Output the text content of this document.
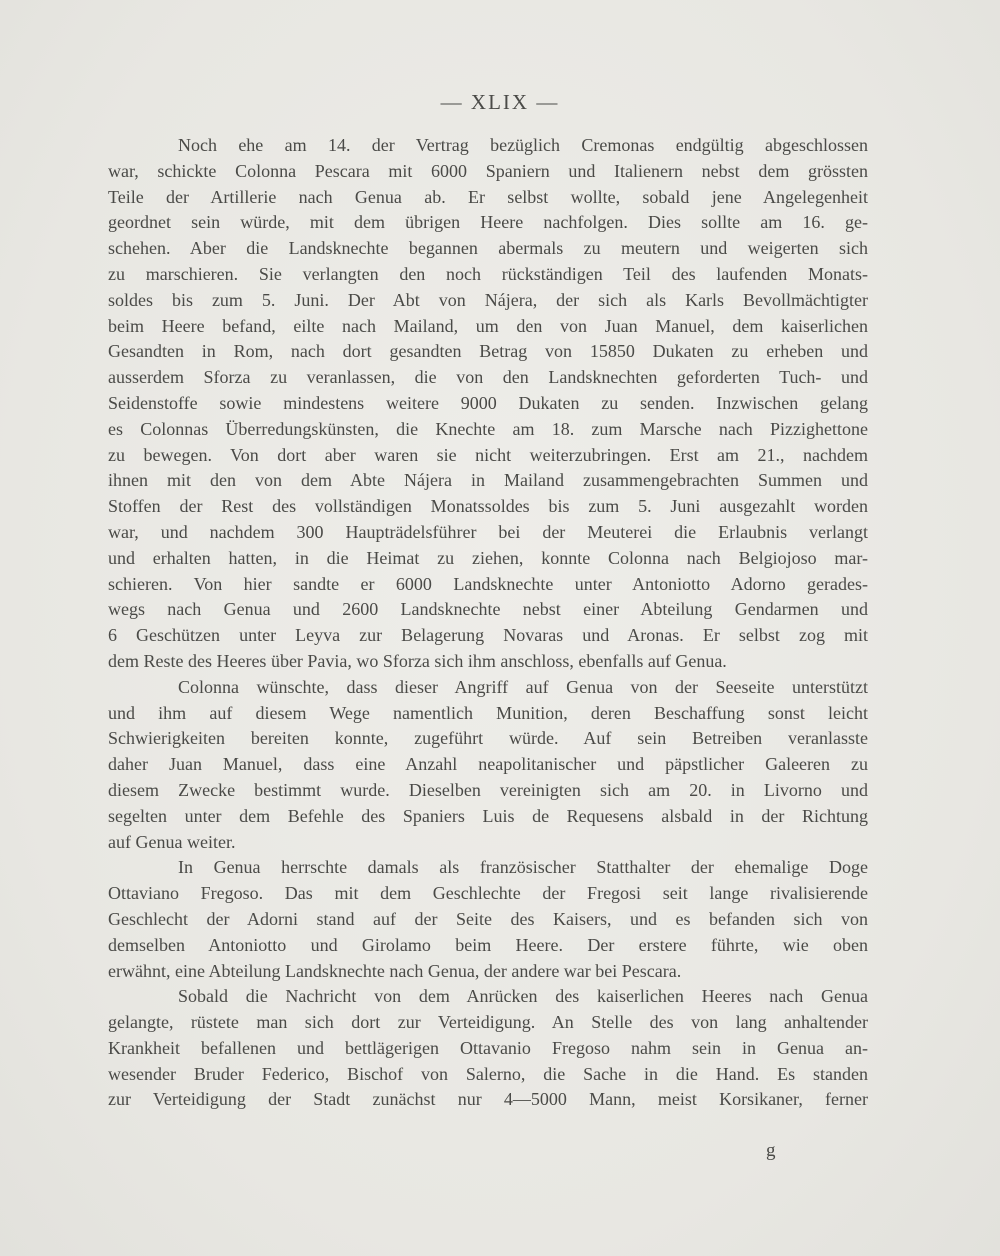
— XLIX —
Noch ehe am 14. der Vertrag bezüglich Cremonas endgültig abgeschlossen
war, schickte Colonna Pescara mit 6000 Spaniern und Italienern nebst dem grössten
Teile der Artillerie nach Genua ab. Er selbst wollte, sobald jene Angelegenheit
geordnet sein würde, mit dem übrigen Heere nachfolgen. Dies sollte am 16. ge-
schehen. Aber die Landsknechte begannen abermals zu meutern und weigerten sich
zu marschieren. Sie verlangten den noch rückständigen Teil des laufenden Monats-
soldes bis zum 5. Juni. Der Abt von Nájera, der sich als Karls Bevollmächtigter
beim Heere befand, eilte nach Mailand, um den von Juan Manuel, dem kaiserlichen
Gesandten in Rom, nach dort gesandten Betrag von 15850 Dukaten zu erheben und
ausserdem Sforza zu veranlassen, die von den Landsknechten geforderten Tuch- und
Seidenstoffe sowie mindestens weitere 9000 Dukaten zu senden. Inzwischen gelang
es Colonnas Überredungskünsten, die Knechte am 18. zum Marsche nach Pizzighettone
zu bewegen. Von dort aber waren sie nicht weiterzubringen. Erst am 21., nachdem
ihnen mit den von dem Abte Nájera in Mailand zusammengebrachten Summen und
Stoffen der Rest des vollständigen Monatssoldes bis zum 5. Juni ausgezahlt worden
war, und nachdem 300 Haupträdelsführer bei der Meuterei die Erlaubnis verlangt
und erhalten hatten, in die Heimat zu ziehen, konnte Colonna nach Belgiojoso mar-
schieren. Von hier sandte er 6000 Landsknechte unter Antoniotto Adorno gerades-
wegs nach Genua und 2600 Landsknechte nebst einer Abteilung Gendarmen und
6 Geschützen unter Leyva zur Belagerung Novaras und Aronas. Er selbst zog mit
dem Reste des Heeres über Pavia, wo Sforza sich ihm anschloss, ebenfalls auf Genua.
Colonna wünschte, dass dieser Angriff auf Genua von der Seeseite unterstützt
und ihm auf diesem Wege namentlich Munition, deren Beschaffung sonst leicht
Schwierigkeiten bereiten konnte, zugeführt würde. Auf sein Betreiben veranlasste
daher Juan Manuel, dass eine Anzahl neapolitanischer und päpstlicher Galeeren zu
diesem Zwecke bestimmt wurde. Dieselben vereinigten sich am 20. in Livorno und
segelten unter dem Befehle des Spaniers Luis de Requesens alsbald in der Richtung
auf Genua weiter.
In Genua herrschte damals als französischer Statthalter der ehemalige Doge
Ottaviano Fregoso. Das mit dem Geschlechte der Fregosi seit lange rivalisierende
Geschlecht der Adorni stand auf der Seite des Kaisers, und es befanden sich von
demselben Antoniotto und Girolamo beim Heere. Der erstere führte, wie oben
erwähnt, eine Abteilung Landsknechte nach Genua, der andere war bei Pescara.
Sobald die Nachricht von dem Anrücken des kaiserlichen Heeres nach Genua
gelangte, rüstete man sich dort zur Verteidigung. An Stelle des von lang anhaltender
Krankheit befallenen und bettlägerigen Ottavanio Fregoso nahm sein in Genua an-
wesender Bruder Federico, Bischof von Salerno, die Sache in die Hand. Es standen
zur Verteidigung der Stadt zunächst nur 4—5000 Mann, meist Korsikaner, ferner
g
